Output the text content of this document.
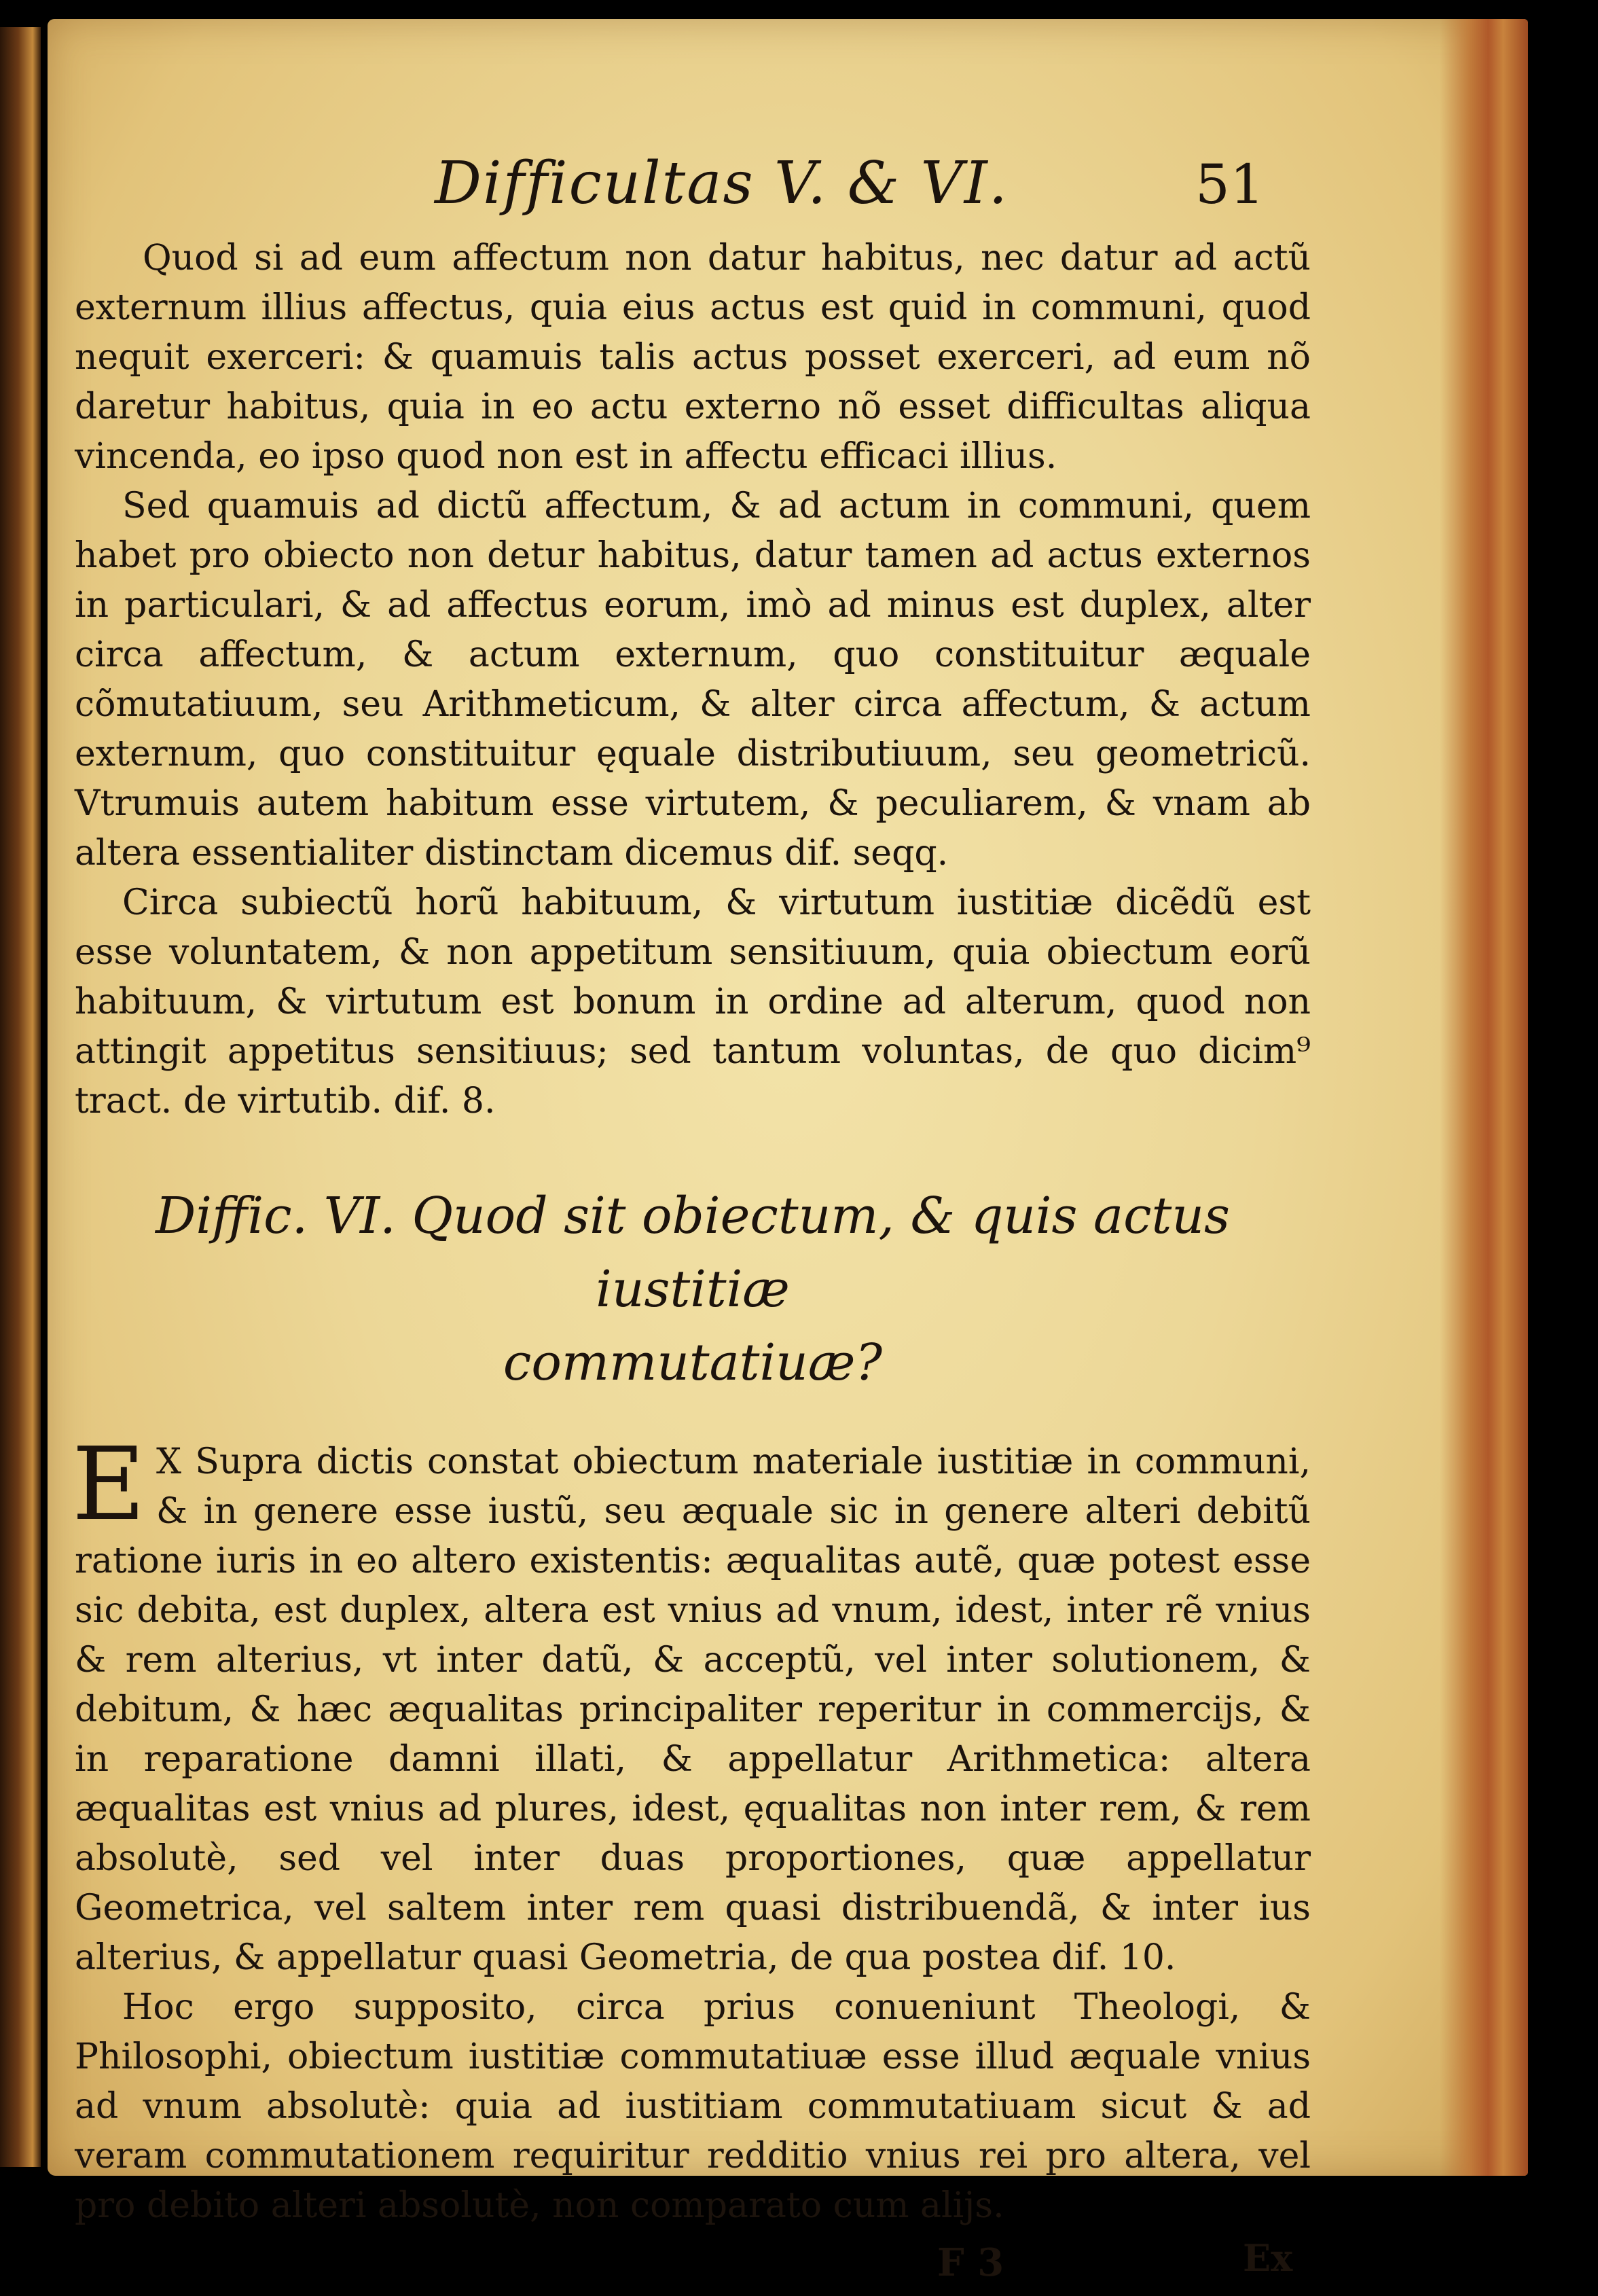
Difficultas V. & VI.	51

Quod si ad eum affectum non datur habitus, nec datur ad actũ externum illius affectus, quia eius actus est quid in communi, quod nequit exerceri: & quamuis talis actus posset exerceri, ad eum nõ daretur habitus, quia in eo actu externo nõ esset difficultas aliqua vincenda, eo ipso quod non est in affectu efficaci illius.

Sed quamuis ad dictũ affectum, & ad actum in communi, quem habet pro obiecto non detur habitus, datur tamen ad actus externos in particulari, & ad affectus eorum, imò ad minus est duplex, alter circa affectum, & actum externum, quo constituitur æquale cõmutatiuum, seu Arithmeticum, & alter circa affectum, & actum externum, quo constituitur ęquale distributiuum, seu geometricũ. Vtrumuis autem habitum esse virtutem, & peculiarem, & vnam ab altera essentialiter distinctam dicemus dif. seqq.

Circa subiectũ horũ habituum, & virtutum iustitiæ dicẽdũ est esse voluntatem, & non appetitum sensitiuum, quia obiectum eorũ habituum, & virtutum est bonum in ordine ad alterum, quod non attingit appetitus sensitiuus; sed tantum voluntas, de quo dicim⁹ tract. de virtutib. dif. 8.

Diffic. VI. Quod sit obiectum, & quis actus iustitiæ
commutatiuæ?

E X Supra dictis constat obiectum materiale iustitiæ in communi, & in genere esse iustũ, seu æquale sic in genere alteri debitũ ratione iuris in eo altero existentis: æqualitas autẽ, quæ potest esse sic debita, est duplex, altera est vnius ad vnum, idest, inter rẽ vnius & rem alterius, vt inter datũ, & acceptũ, vel inter solutionem, & debitum, & hæc æqualitas principaliter reperitur in commercijs, & in reparatione damni illati, & appellatur Arithmetica: altera æqualitas est vnius ad plures, idest, ęqualitas non inter rem, & rem absolutè, sed vel inter duas proportiones, quæ appellatur Geometrica, vel saltem inter rem quasi distribuendã, & inter ius alterius, & appellatur quasi Geometria, de qua postea dif. 10.

Hoc ergo supposito, circa prius conueniunt Theologi, & Philosophi, obiectum iustitiæ commutatiuæ esse illud æquale vnius ad vnum absolutè: quia ad iustitiam commutatiuam sicut & ad veram commutationem requiritur redditio vnius rei pro altera, vel pro debito alteri absolutè, non comparato cum alijs.

F 3	Ex
